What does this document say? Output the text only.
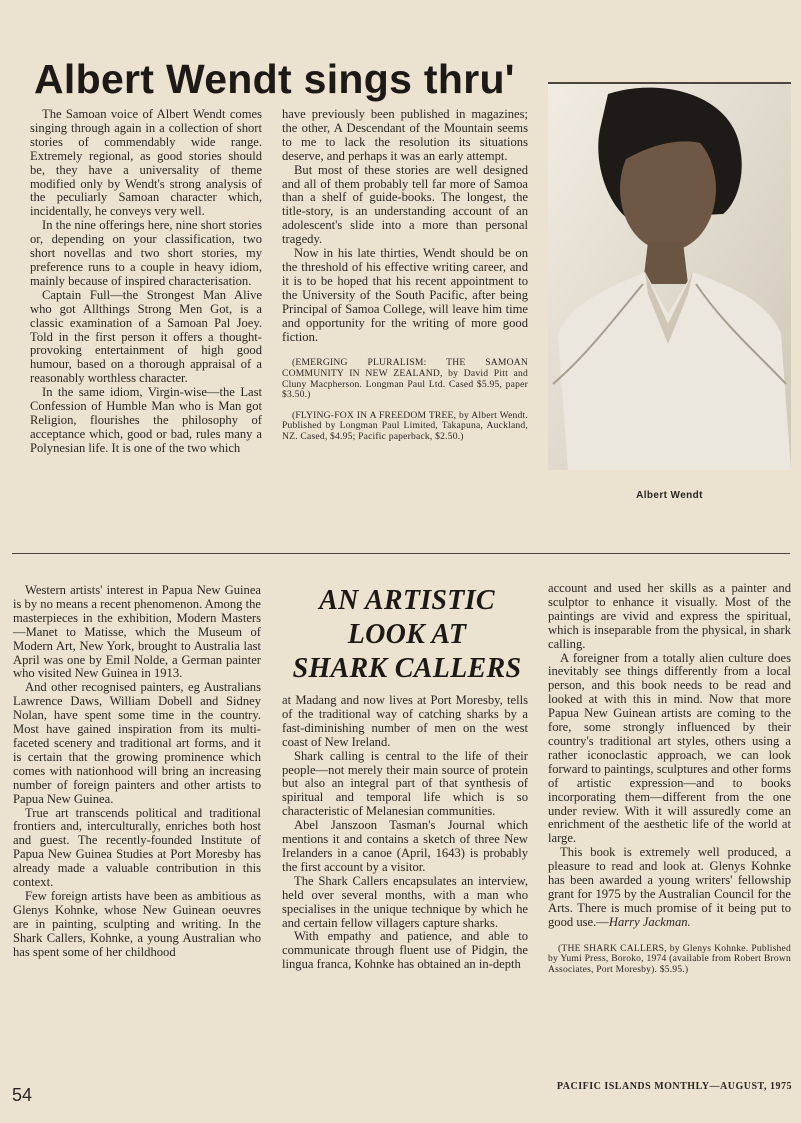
Albert Wendt sings thru'

The Samoan voice of Albert Wendt comes singing through again in a collection of short stories of commendably wide range. Extremely regional, as good stories should be, they have a universality of theme modified only by Wendt's strong analysis of the peculiarly Samoan character which, incidentally, he conveys very well.

In the nine offerings here, nine short stories or, depending on your classification, two short novellas and two short stories, my preference runs to a couple in heavy idiom, mainly because of inspired characterisation.

Captain Full—the Strongest Man Alive who got Allthings Strong Men Got, is a classic examination of a Samoan Pal Joey. Told in the first person it offers a thought-provoking entertainment of high good humour, based on a thorough appraisal of a reasonably worthless character.

In the same idiom, Virgin-wise—the Last Confession of Humble Man who is Man got Religion, flourishes the philosophy of acceptance which, good or bad, rules many a Polynesian life. It is one of the two which

have previously been published in magazines; the other, A Descendant of the Mountain seems to me to lack the resolution its situations deserve, and perhaps it was an early attempt.

But most of these stories are well designed and all of them probably tell far more of Samoa than a shelf of guide-books. The longest, the title-story, is an understanding account of an adolescent's slide into a more than personal tragedy.

Now in his late thirties, Wendt should be on the threshold of his effective writing career, and it is to be hoped that his recent appointment to the University of the South Pacific, after being Principal of Samoa College, will leave him time and opportunity for the writing of more good fiction.

(EMERGING PLURALISM: THE SAMOAN COMMUNITY IN NEW ZEALAND, by David Pitt and Cluny Macpherson. Longman Paul Ltd. Cased $5.95, paper $3.50.)

(FLYING-FOX IN A FREEDOM TREE, by Albert Wendt. Published by Longman Paul Limited, Takapuna, Auckland, NZ. Cased, $4.95; Pacific paperback, $2.50.)

Albert Wendt

Western artists' interest in Papua New Guinea is by no means a recent phenomenon. Among the masterpieces in the exhibition, Modern Masters—Manet to Matisse, which the Museum of Modern Art, New York, brought to Australia last April was one by Emil Nolde, a German painter who visited New Guinea in 1913.

And other recognised painters, eg Australians Lawrence Daws, William Dobell and Sidney Nolan, have spent some time in the country. Most have gained inspiration from its multi-faceted scenery and traditional art forms, and it is certain that the growing prominence which comes with nationhood will bring an increasing number of foreign painters and other artists to Papua New Guinea.

True art transcends political and traditional frontiers and, interculturally, enriches both host and guest. The recently-founded Institute of Papua New Guinea Studies at Port Moresby has already made a valuable contribution in this context.

Few foreign artists have been as ambitious as Glenys Kohnke, whose New Guinean oeuvres are in painting, sculpting and writing. In the Shark Callers, Kohnke, a young Australian who has spent some of her childhood

AN ARTISTIC
LOOK AT
SHARK CALLERS

at Madang and now lives at Port Moresby, tells of the traditional way of catching sharks by a fast-diminishing number of men on the west coast of New Ireland.

Shark calling is central to the life of their people—not merely their main source of protein but also an integral part of that synthesis of spiritual and temporal life which is so characteristic of Melanesian communities.

Abel Janszoon Tasman's Journal which mentions it and contains a sketch of three New Irelanders in a canoe (April, 1643) is probably the first account by a visitor.

The Shark Callers encapsulates an interview, held over several months, with a man who specialises in the unique technique by which he and certain fellow villagers capture sharks.

With empathy and patience, and able to communicate through fluent use of Pidgin, the lingua franca, Kohnke has obtained an in-depth

account and used her skills as a painter and sculptor to enhance it visually. Most of the paintings are vivid and express the spiritual, which is inseparable from the physical, in shark calling.

A foreigner from a totally alien culture does inevitably see things differently from a local person, and this book needs to be read and looked at with this in mind. Now that more Papua New Guinean artists are coming to the fore, some strongly influenced by their country's traditional art styles, others using a rather iconoclastic approach, we can look forward to paintings, sculptures and other forms of artistic expression—and to books incorporating them—different from the one under review. With it will assuredly come an enrichment of the aesthetic life of the world at large.

This book is extremely well produced, a pleasure to read and look at. Glenys Kohnke has been awarded a young writers' fellowship grant for 1975 by the Australian Council for the Arts. There is much promise of it being put to good use.—Harry Jackman.

(THE SHARK CALLERS, by Glenys Kohnke. Published by Yumi Press, Boroko, 1974 (available from Robert Brown Associates, Port Moresby). $5.95.)

54	PACIFIC ISLANDS MONTHLY—AUGUST, 1975
